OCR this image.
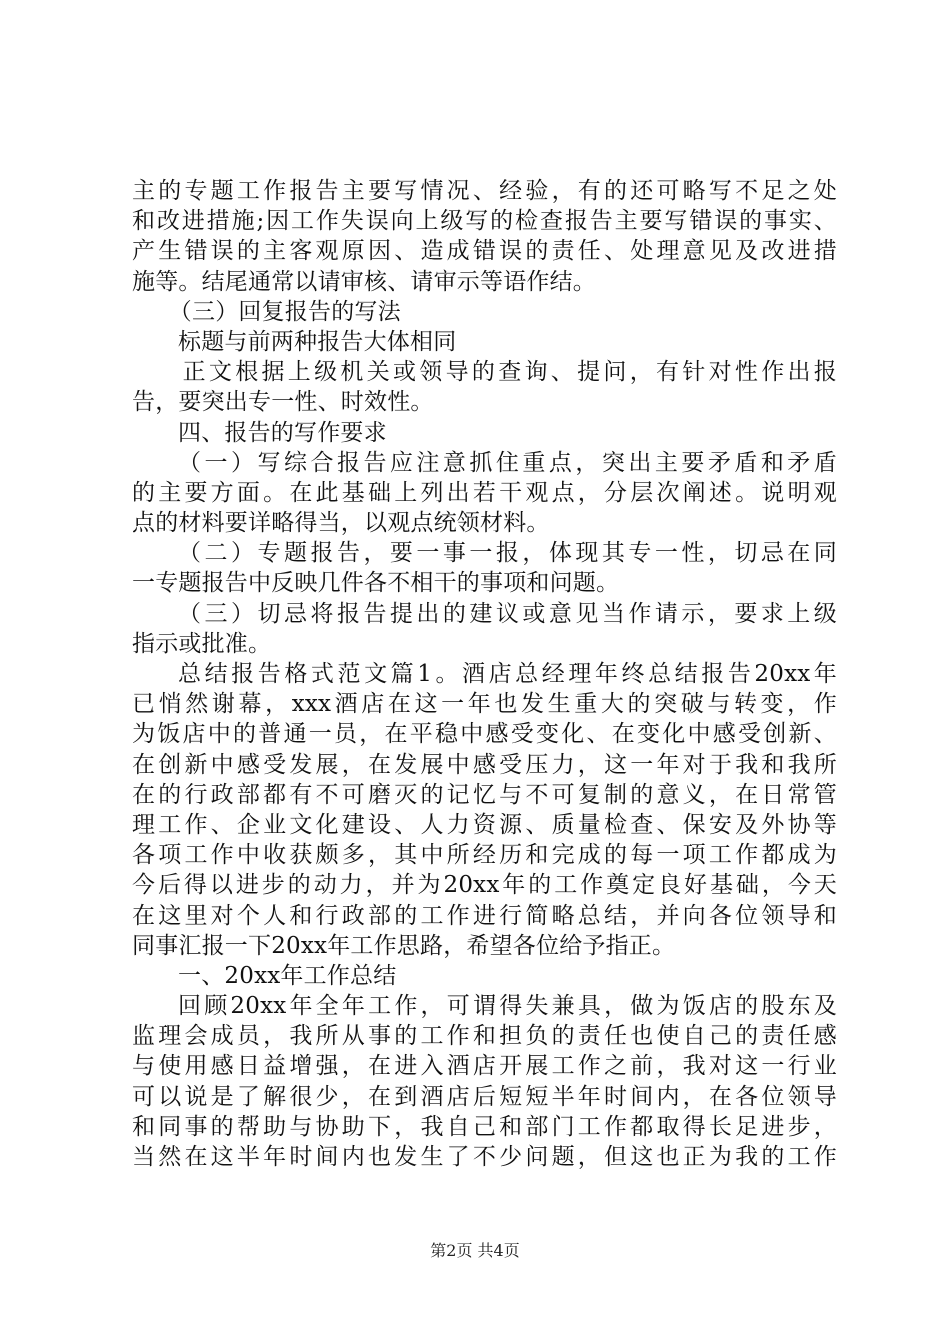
主的专题工作报告主要写情况、经验，有的还可略写不足之处
和改进措施;因工作失误向上级写的检查报告主要写错误的事实、
产生错误的主客观原因、造成错误的责任、处理意见及改进措
施等。结尾通常以请审核、请审示等语作结。
（三）回复报告的写法
标题与前两种报告大体相同
正文根据上级机关或领导的查询、提问，有针对性作出报
告，要突出专一性、时效性。
四、报告的写作要求
（一）写综合报告应注意抓住重点，突出主要矛盾和矛盾
的主要方面。在此基础上列出若干观点，分层次阐述。说明观
点的材料要详略得当，以观点统领材料。
（二）专题报告，要一事一报，体现其专一性，切忌在同
一专题报告中反映几件各不相干的事项和问题。
（三）切忌将报告提出的建议或意见当作请示，要求上级
指示或批准。
总结报告格式范文篇1。酒店总经理年终总结报告20xx年
已悄然谢幕，xxx酒店在这一年也发生重大的突破与转变，作
为饭店中的普通一员，在平稳中感受变化、在变化中感受创新、
在创新中感受发展，在发展中感受压力，这一年对于我和我所
在的行政部都有不可磨灭的记忆与不可复制的意义，在日常管
理工作、企业文化建设、人力资源、质量检查、保安及外协等
各项工作中收获颇多，其中所经历和完成的每一项工作都成为
今后得以进步的动力，并为20xx年的工作奠定良好基础，今天
在这里对个人和行政部的工作进行简略总结，并向各位领导和
同事汇报一下20xx年工作思路，希望各位给予指正。
一、20xx年工作总结
回顾20xx年全年工作，可谓得失兼具，做为饭店的股东及
监理会成员，我所从事的工作和担负的责任也使自己的责任感
与使用感日益增强，在进入酒店开展工作之前，我对这一行业
可以说是了解很少，在到酒店后短短半年时间内，在各位领导
和同事的帮助与协助下，我自己和部门工作都取得长足进步，
当然在这半年时间内也发生了不少问题，但这也正为我的工作
第2页 共4页
